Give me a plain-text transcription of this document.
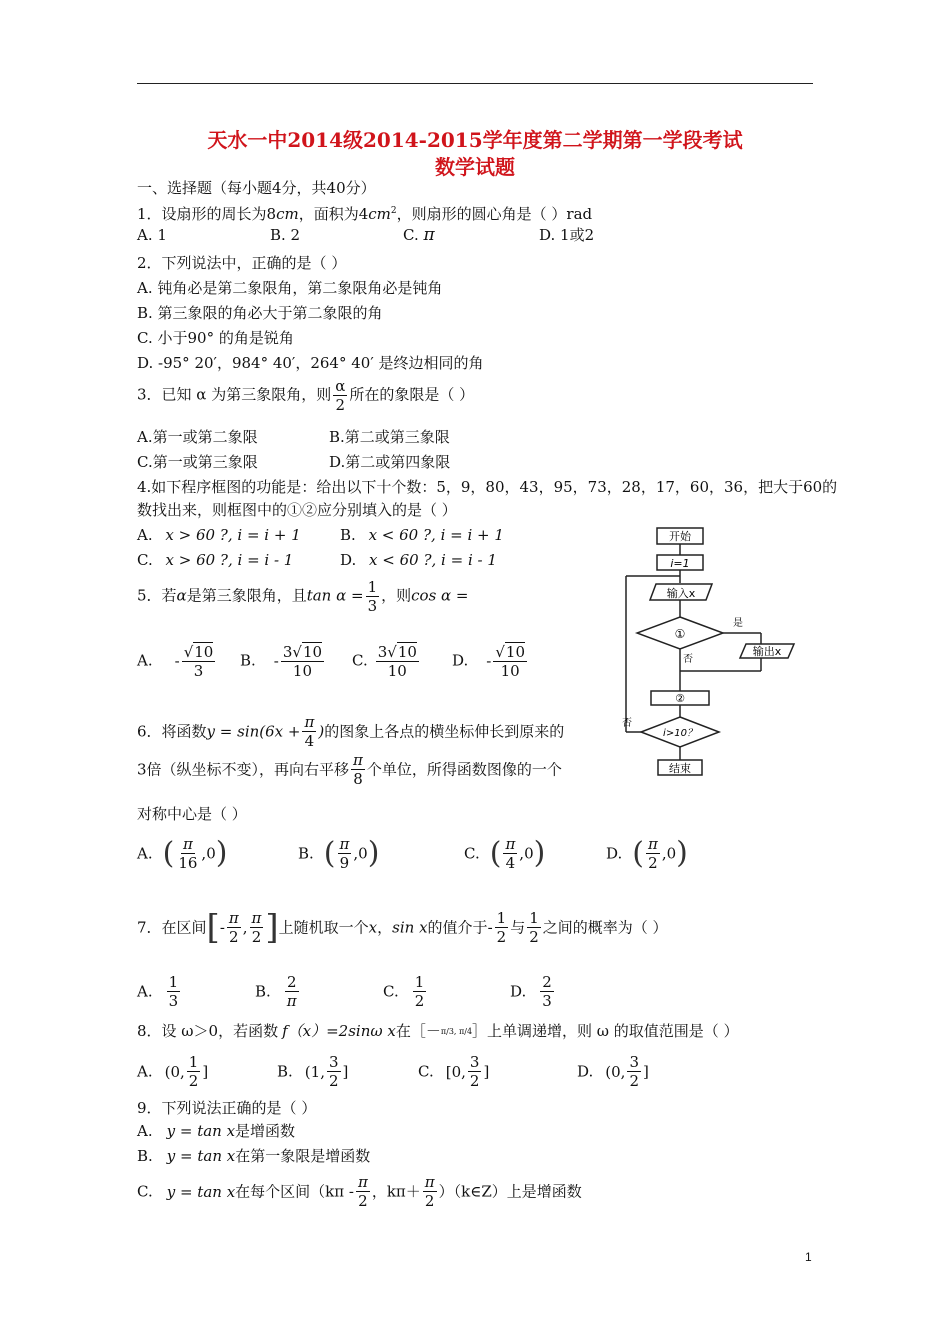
天水一中2014级2014-2015学年度第二学期第一学段考试
数学试题
一、选择题（每小题4分，共40分）
1．设扇形的周长为8cm，面积为$4cm^2$，则扇形的圆心角是（ ）rad
A. 1	B. 2	C. π	D. 1或2
2．下列说法中，正确的是（ ）
A. 钝角必是第二象限角，第二象限角必是钝角
B. 第三象限的角必大于第二象限的角
C. 小于90° 的角是锐角
D. -95° 20′，984° 40′，264° 40′ 是终边相同的角
3．已知 α 为第三象限角，则 $\frac{\alpha}{2}$ 所在的象限是（ ）
A.第一或第二象限	B.第二或第三象限
C.第一或第三象限	D.第二或第四象限
4.如下程序框图的功能是：给出以下十个数：5，9，80，43，95，73，28，17，60，36，把大于60的
数找出来，则框图中的①②应分别填入的是（ ）
A. x > 60 ?, i = i + 1	B. x < 60 ?, i = i + 1
C. x > 60 ?, i = i - 1	D. x < 60 ?, i = i - 1
开始
i=1
输入x
①
是
否
输出x
②
i>10？
否
结束
5．若α是第三象限角，且$\tan \alpha = \frac{1}{3}$ ，则cos α =
A. - $\frac{√10}{3} B$. - $\frac{3√10}{10} C$. $\frac{3√10}{10} D$. - $\frac{√10}{10}$
6．将函数$y = \sin(6x + \frac{\pi}{4}$ )的图象上各点的横坐标伸长到原来的
3倍（纵坐标不变），再向右平移 $\frac{\pi}{8}$ 个单位，所得函数图像的一个
对称中心是（ ）
A. ( $\frac{\pi}{16} ,0$)	B. ( $\frac{\pi}{9} ,0$)	C. ( $\frac{\pi}{4} ,0$)	D. ( $\frac{\pi}{2} ,0$)
7．在区间[- $\frac{\pi}{2}$ , $\frac{\pi}{2}$ ]上随机取一个x，sin x的值介于- $\frac{1}{2}$ 与 $\frac{1}{2}$ 之间的概率为（ ）
A. $\frac{1}{3}$	B. $\frac{2}{\pi}$	C. $\frac{1}{2}$	D. $\frac{2}{3}$
8．设 ω＞0，若函数 f（x）=2sinω x在［－π/3, π/4］上单调递增，则 ω 的取值范围是（ ）
A. (0, $\frac{1}{2}$ ]	B. (1, $\frac{3}{2}$ ]	C. [0, $\frac{3}{2}$ ]	D. (0, $\frac{3}{2}$ ]
9．下列说法正确的是（ ）
A. y = tan x是增函数
B. y = tan x在第一象限是增函数
C. y = tan x在每个区间（$k\pi - \frac{\pi}{2}$ ，$k\pi+ \frac{\pi}{2}$ ）（k∈Z）上是增函数
1
